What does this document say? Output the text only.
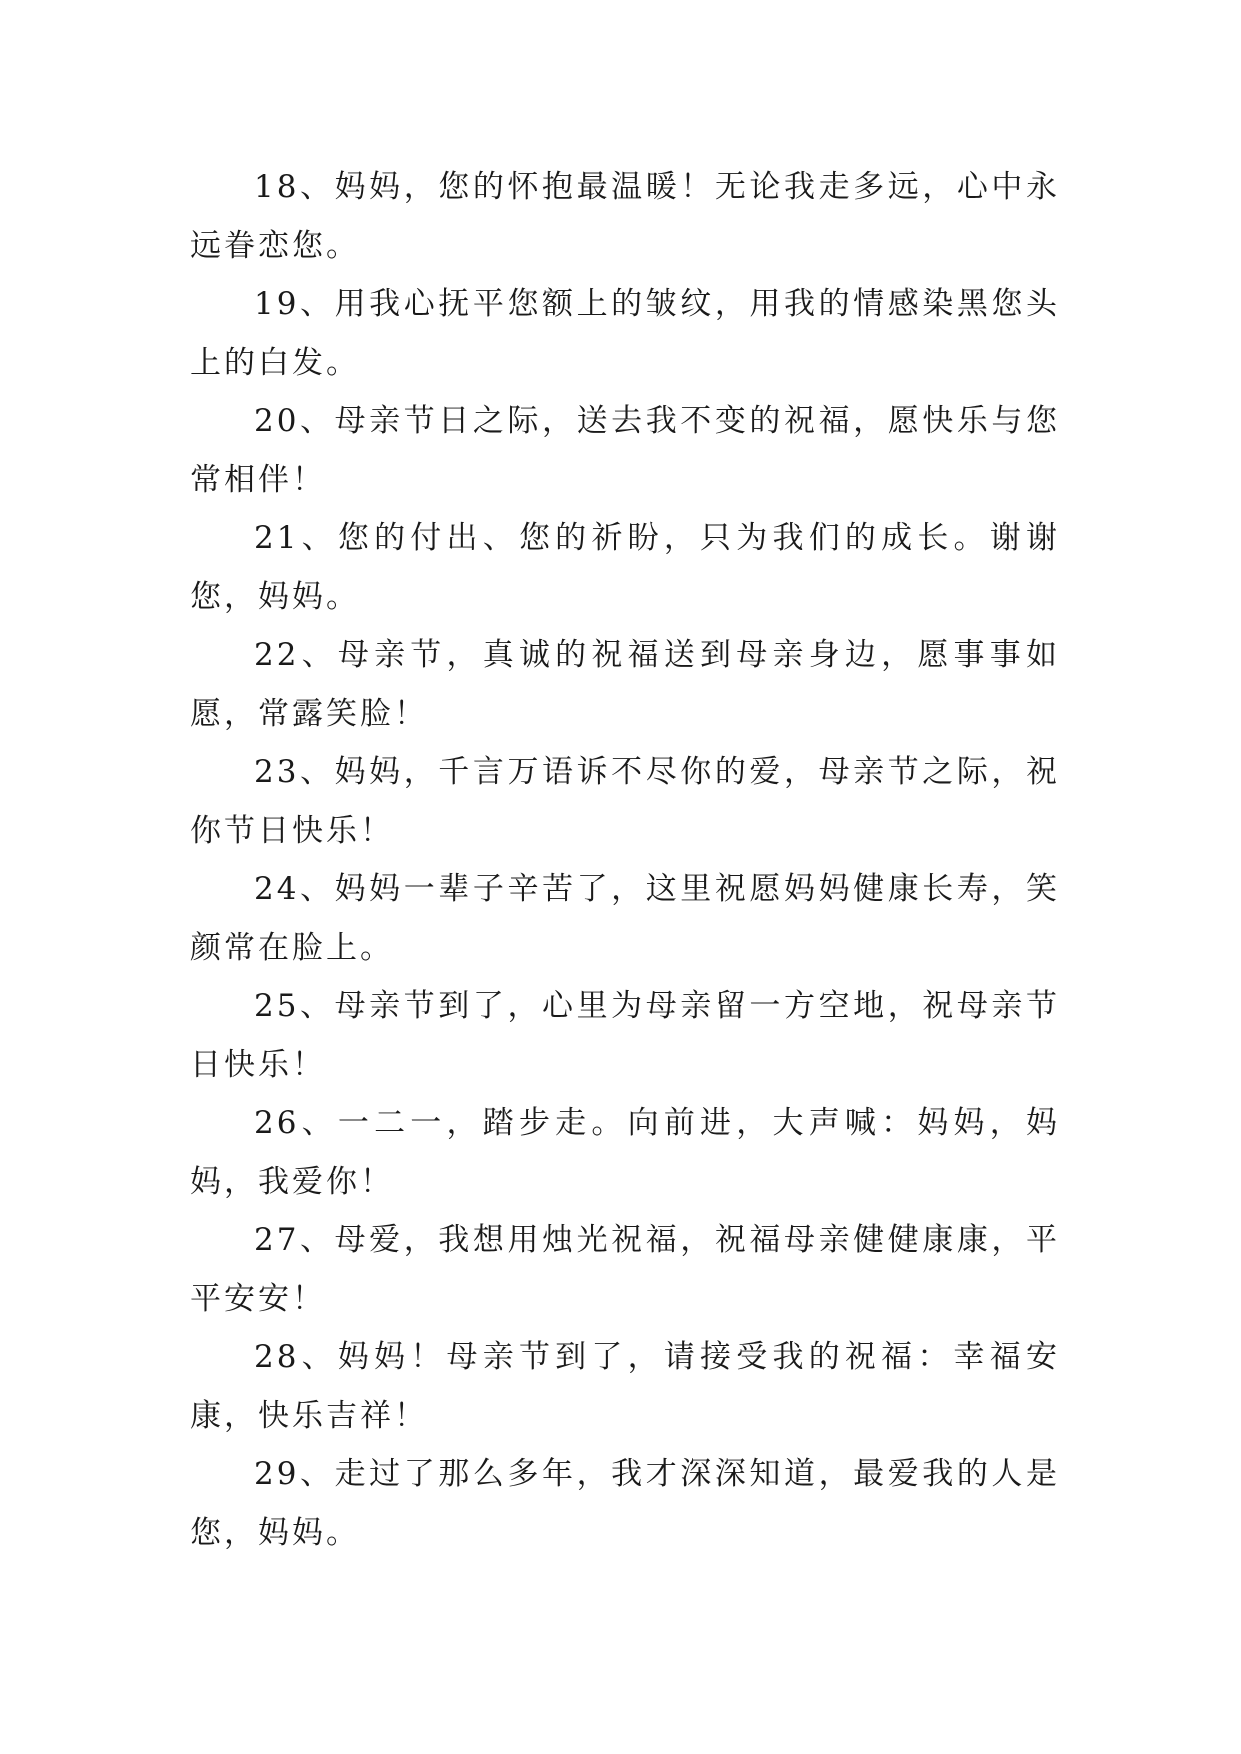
18、妈妈，您的怀抱最温暖！无论我走多远，心中永远眷恋您。

19、用我心抚平您额上的皱纹，用我的情感染黑您头上的白发。

20、母亲节日之际，送去我不变的祝福，愿快乐与您常相伴！

21、您的付出、您的祈盼，只为我们的成长。谢谢您，妈妈。

22、母亲节，真诚的祝福送到母亲身边，愿事事如愿，常露笑脸！

23、妈妈，千言万语诉不尽你的爱，母亲节之际，祝你节日快乐！

24、妈妈一辈子辛苦了，这里祝愿妈妈健康长寿，笑颜常在脸上。

25、母亲节到了，心里为母亲留一方空地，祝母亲节日快乐！

26、一二一，踏步走。向前进，大声喊：妈妈，妈妈，我爱你！

27、母爱，我想用烛光祝福，祝福母亲健健康康，平平安安！

28、妈妈！母亲节到了，请接受我的祝福：幸福安康，快乐吉祥！

29、走过了那么多年，我才深深知道，最爱我的人是您，妈妈。
